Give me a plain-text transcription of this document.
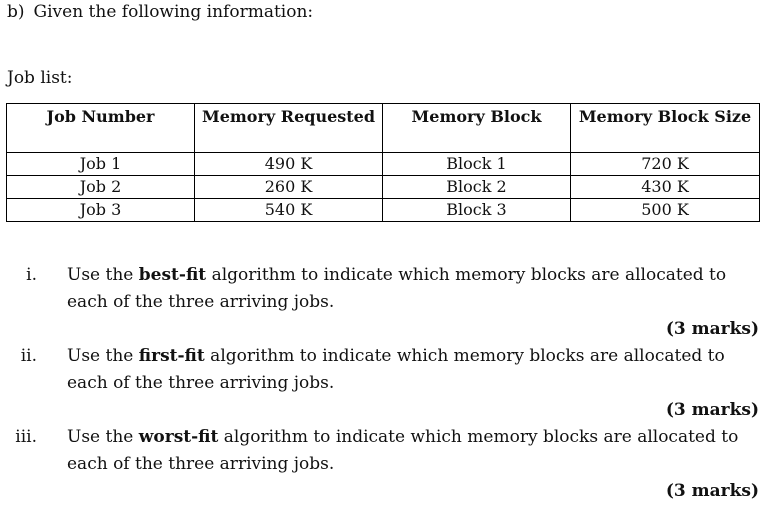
b) Given the following information:
Job list:
Job Number	Memory Requested	Memory Block	Memory Block Size
Job 1	490 K	Block 1	720 K
Job 2	260 K	Block 2	430 K
Job 3	540 K	Block 3	500 K
i. Use the best-fit algorithm to indicate which memory blocks are allocated to each of the three arriving jobs.
(3 marks)
ii. Use the first-fit algorithm to indicate which memory blocks are allocated to each of the three arriving jobs.
(3 marks)
iii. Use the worst-fit algorithm to indicate which memory blocks are allocated to each of the three arriving jobs.
(3 marks)
